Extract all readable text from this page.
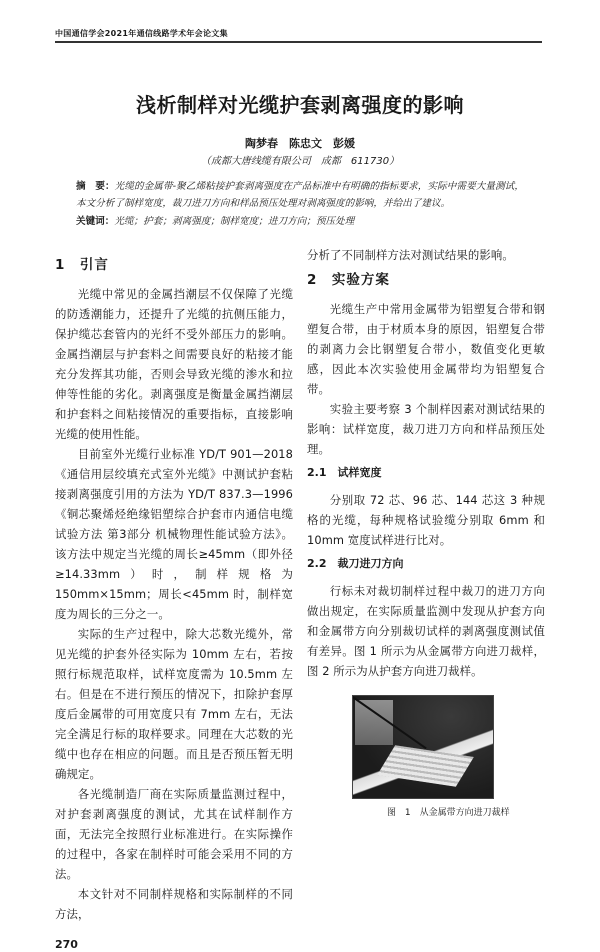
中国通信学会2021年通信线路学术年会论文集
浅析制样对光缆护套剥离强度的影响
陶梦春　陈忠文　彭媛
（成都大唐线缆有限公司　成都　611730）
摘　要：光缆的金属带-聚乙烯粘接护套剥离强度在产品标准中有明确的指标要求，实际中需要大量测试，本文分析了制样宽度，裁刀进刀方向和样品预压处理对剥离强度的影响，并给出了建议。
关键词：光缆；护套；剥离强度；制样宽度；进刀方向；预压处理
1　引言

光缆中常见的金属挡潮层不仅保障了光缆的防透潮能力，还提升了光缆的抗侧压能力，保护缆芯套管内的光纤不受外部压力的影响。金属挡潮层与护套料之间需要良好的粘接才能充分发挥其功能，否则会导致光缆的渗水和拉伸等性能的劣化。剥离强度是衡量金属挡潮层和护套料之间粘接情况的重要指标，直接影响光缆的使用性能。

目前室外光缆行业标准 YD/T 901—2018《通信用层绞填充式室外光缆》中测试护套粘接剥离强度引用的方法为 YD/T 837.3—1996《铜芯聚烯烃绝缘铝塑综合护套市内通信电缆试验方法 第3部分 机械物理性能试验方法》。该方法中规定当光缆的周长≥45mm（即外径≥14.33mm）时，制样规格为 150mm×15mm；周长<45mm 时，制样宽度为周长的三分之一。

实际的生产过程中，除大芯数光缆外，常见光缆的护套外径实际为 10mm 左右，若按照行标规范取样，试样宽度需为 10.5mm 左右。但是在不进行预压的情况下，扣除护套厚度后金属带的可用宽度只有 7mm 左右，无法完全满足行标的取样要求。同理在大芯数的光缆中也存在相应的问题。而且是否预压暂无明确规定。

各光缆制造厂商在实际质量监测过程中，对护套剥离强度的测试，尤其在试样制作方面，无法完全按照行业标准进行。在实际操作的过程中，各家在制样时可能会采用不同的方法。

本文针对不同制样规格和实际制样的不同方法，

270

分析了不同制样方法对测试结果的影响。

2　实验方案

光缆生产中常用金属带为铝塑复合带和钢塑复合带，由于材质本身的原因，铝塑复合带的剥离力会比钢塑复合带小，数值变化更敏感，因此本次实验使用金属带均为铝塑复合带。

实验主要考察 3 个制样因素对测试结果的影响：试样宽度，裁刀进刀方向和样品预压处理。

2.1　试样宽度

分别取 72 芯、96 芯、144 芯这 3 种规格的光缆，每种规格试验缆分别取 6mm 和 10mm 宽度试样进行比对。

2.2　裁刀进刀方向

行标未对裁切制样过程中裁刀的进刀方向做出规定，在实际质量监测中发现从护套方向和金属带方向分别裁切试样的剥离强度测试值有差异。图 1 所示为从金属带方向进刀裁样，图 2 所示为从护套方向进刀裁样。

图 1　从金属带方向进刀裁样
